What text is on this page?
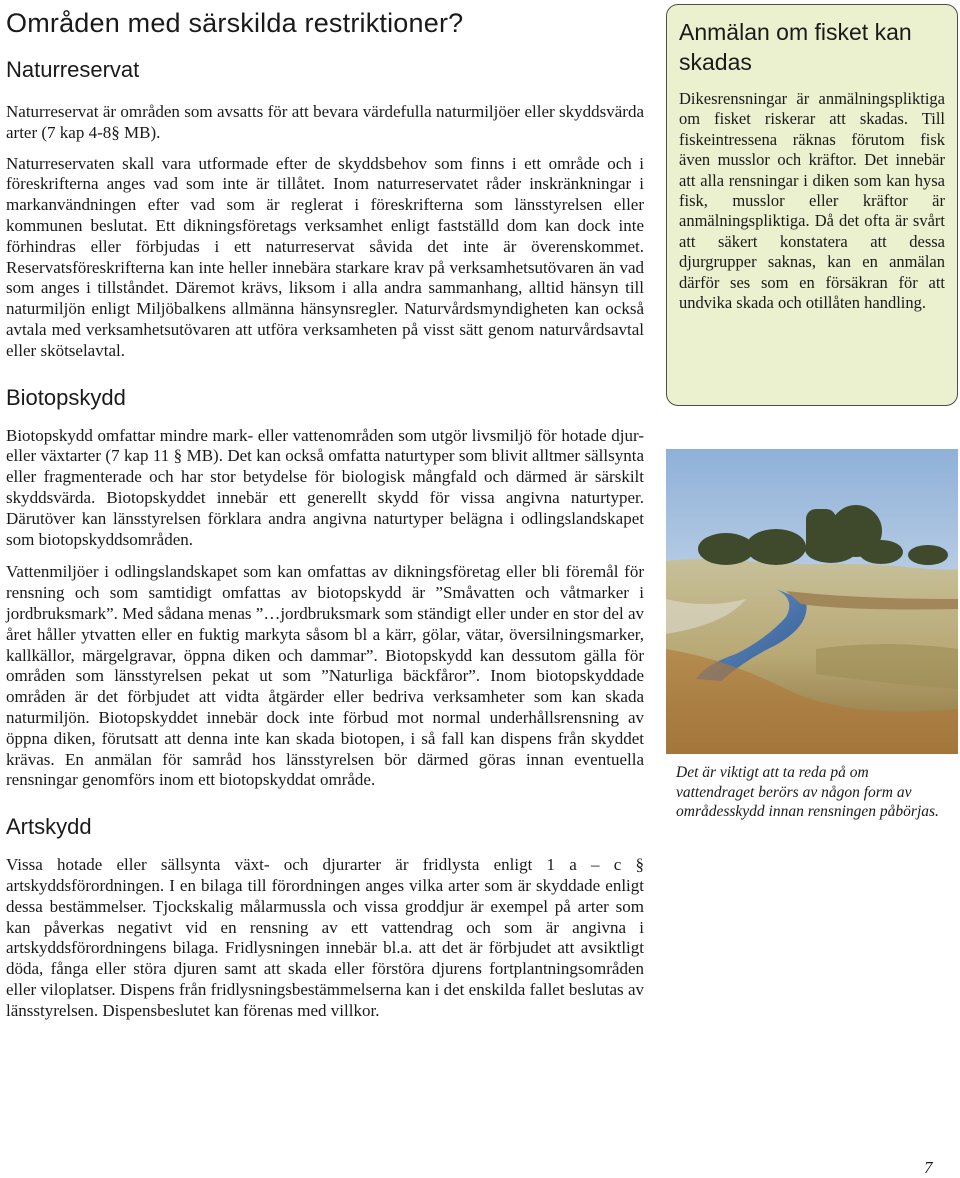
Områden med särskilda restriktioner?
Naturreservat

Naturreservat är områden som avsatts för att bevara värdefulla naturmiljöer eller skyddsvärda arter (7 kap 4-8§ MB).

Naturreservaten skall vara utformade efter de skyddsbehov som finns i ett område och i föreskrifterna anges vad som inte är tillåtet. Inom naturreservatet råder inskränkningar i markanvändningen efter vad som är reglerat i föreskrifterna som länsstyrelsen eller kommunen beslutat. Ett dikningsföretags verksamhet enligt fastställd dom kan dock inte förhindras eller förbjudas i ett naturreservat såvida det inte är överenskommet. Reservatsföreskrifterna kan inte heller innebära starkare krav på verksamhetsutövaren än vad som anges i tillståndet. Däremot krävs, liksom i alla andra sammanhang, alltid hänsyn till naturmiljön enligt Miljöbalkens allmänna hänsynsregler. Naturvårdsmyndigheten kan också avtala med verksamhetsutövaren att utföra verksamheten på visst sätt genom naturvårdsavtal eller skötselavtal.

Biotopskydd

Biotopskydd omfattar mindre mark- eller vattenområden som utgör livsmiljö för hotade djur- eller växtarter (7 kap 11 § MB). Det kan också omfatta naturtyper som blivit alltmer sällsynta eller fragmenterade och har stor betydelse för biologisk mångfald och därmed är särskilt skyddsvärda. Biotopskyddet innebär ett generellt skydd för vissa angivna naturtyper. Därutöver kan länsstyrelsen förklara andra angivna naturtyper belägna i odlingslandskapet som biotopskyddsområden.

Vattenmiljöer i odlingslandskapet som kan omfattas av dikningsföretag eller bli föremål för rensning och som samtidigt omfattas av biotopskydd är ”Småvatten och våtmarker i jordbruksmark”. Med sådana menas ”…jordbruksmark som ständigt eller under en stor del av året håller ytvatten eller en fuktig markyta såsom bl a kärr, gölar, vätar, översilningsmarker, kallkällor, märgelgravar, öppna diken och dammar”. Biotopskydd kan dessutom gälla för områden som länsstyrelsen pekat ut som ”Naturliga bäckfåror”. Inom biotopskyddade områden är det förbjudet att vidta åtgärder eller bedriva verksamheter som kan skada naturmiljön. Biotopskyddet innebär dock inte förbud mot normal underhållsrensning av öppna diken, förutsatt att denna inte kan skada biotopen, i så fall kan dispens från skyddet krävas. En anmälan för samråd hos länsstyrelsen bör därmed göras innan eventuella rensningar genomförs inom ett biotopskyddat område.

Artskydd

Vissa hotade eller sällsynta växt- och djurarter är fridlysta enligt 1 a – c § artskyddsförordningen. I en bilaga till förordningen anges vilka arter som är skyddade enligt dessa bestämmelser. Tjockskalig målarmussla och vissa groddjur är exempel på arter som kan påverkas negativt vid en rensning av ett vattendrag och som är angivna i artskyddsförordningens bilaga. Fridlysningen innebär bl.a. att det är förbjudet att avsiktligt döda, fånga eller störa djuren samt att skada eller förstöra djurens fortplantningsområden eller viloplatser. Dispens från fridlysningsbestämmelserna kan i det enskilda fallet beslutas av länsstyrelsen. Dispensbeslutet kan förenas med villkor.

Anmälan om fisket kan skadas

Dikesrensningar är anmälningspliktiga om fisket riskerar att skadas. Till fiskeintressena räknas förutom fisk även musslor och kräftor. Det innebär att alla rensningar i diken som kan hysa fisk, musslor eller kräftor är anmälningspliktiga. Då det ofta är svårt att säkert konstatera att dessa djurgrupper saknas, kan en anmälan därför ses som en försäkran för att undvika skada och otillåten handling.

Det är viktigt att ta reda på om vattendraget berörs av någon form av områdesskydd innan rensningen påbörjas.

7
